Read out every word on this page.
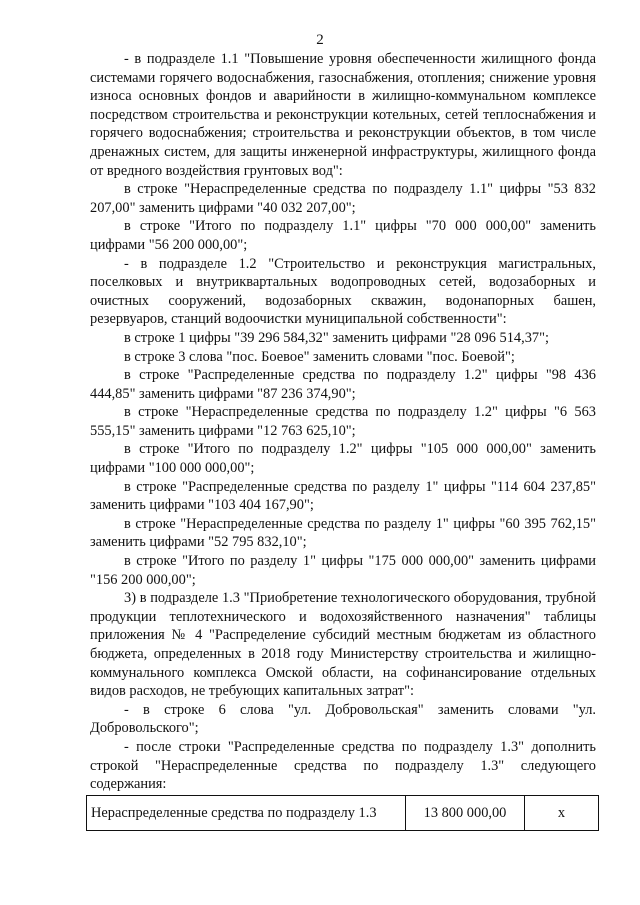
2

- в подразделе 1.1 "Повышение уровня обеспеченности жилищного фонда системами горячего водоснабжения, газоснабжения, отопления; снижение уровня износа основных фондов и аварийности в жилищно-коммунальном комплексе посредством строительства и реконструкции котельных, сетей теплоснабжения и горячего водоснабжения; строительства и реконструкции объектов, в том числе дренажных систем, для защиты инженерной инфраструктуры, жилищного фонда от вредного воздействия грунтовых вод":

в строке "Нераспределенные средства по подразделу 1.1" цифры "53 832 207,00" заменить цифрами "40 032 207,00";

в строке "Итого по подразделу 1.1" цифры "70 000 000,00" заменить цифрами "56 200 000,00";

- в подразделе 1.2 "Строительство и реконструкция магистральных, поселковых и внутриквартальных водопроводных сетей, водозаборных и очистных сооружений, водозаборных скважин, водонапорных башен, резервуаров, станций водоочистки муниципальной собственности":

в строке 1 цифры "39 296 584,32" заменить цифрами "28 096 514,37";

в строке 3 слова "пос. Боевое" заменить словами "пос. Боевой";

в строке "Распределенные средства по подразделу 1.2" цифры "98 436 444,85" заменить цифрами "87 236 374,90";

в строке "Нераспределенные средства по подразделу 1.2" цифры "6 563 555,15" заменить цифрами "12 763 625,10";

в строке "Итого по подразделу 1.2" цифры "105 000 000,00" заменить цифрами "100 000 000,00";

в строке "Распределенные средства по разделу 1" цифры "114 604 237,85" заменить цифрами "103 404 167,90";

в строке "Нераспределенные средства по разделу 1" цифры "60 395 762,15" заменить цифрами "52 795 832,10";

в строке "Итого по разделу 1" цифры "175 000 000,00" заменить цифрами "156 200 000,00";

3) в подразделе 1.3 "Приобретение технологического оборудования, трубной продукции теплотехнического и водохозяйственного назначения" таблицы приложения № 4 "Распределение субсидий местным бюджетам из областного бюджета, определенных в 2018 году Министерству строительства и жилищно-коммунального комплекса Омской области, на софинансирование отдельных видов расходов, не требующих капитальных затрат":

- в строке 6 слова "ул. Добровольская" заменить словами "ул. Добровольского";

- после строки "Распределенные средства по подразделу 1.3" дополнить строкой "Нераспределенные средства по подразделу 1.3" следующего содержания:

Нераспределенные средства по подразделу 1.3	13 800 000,00	х
